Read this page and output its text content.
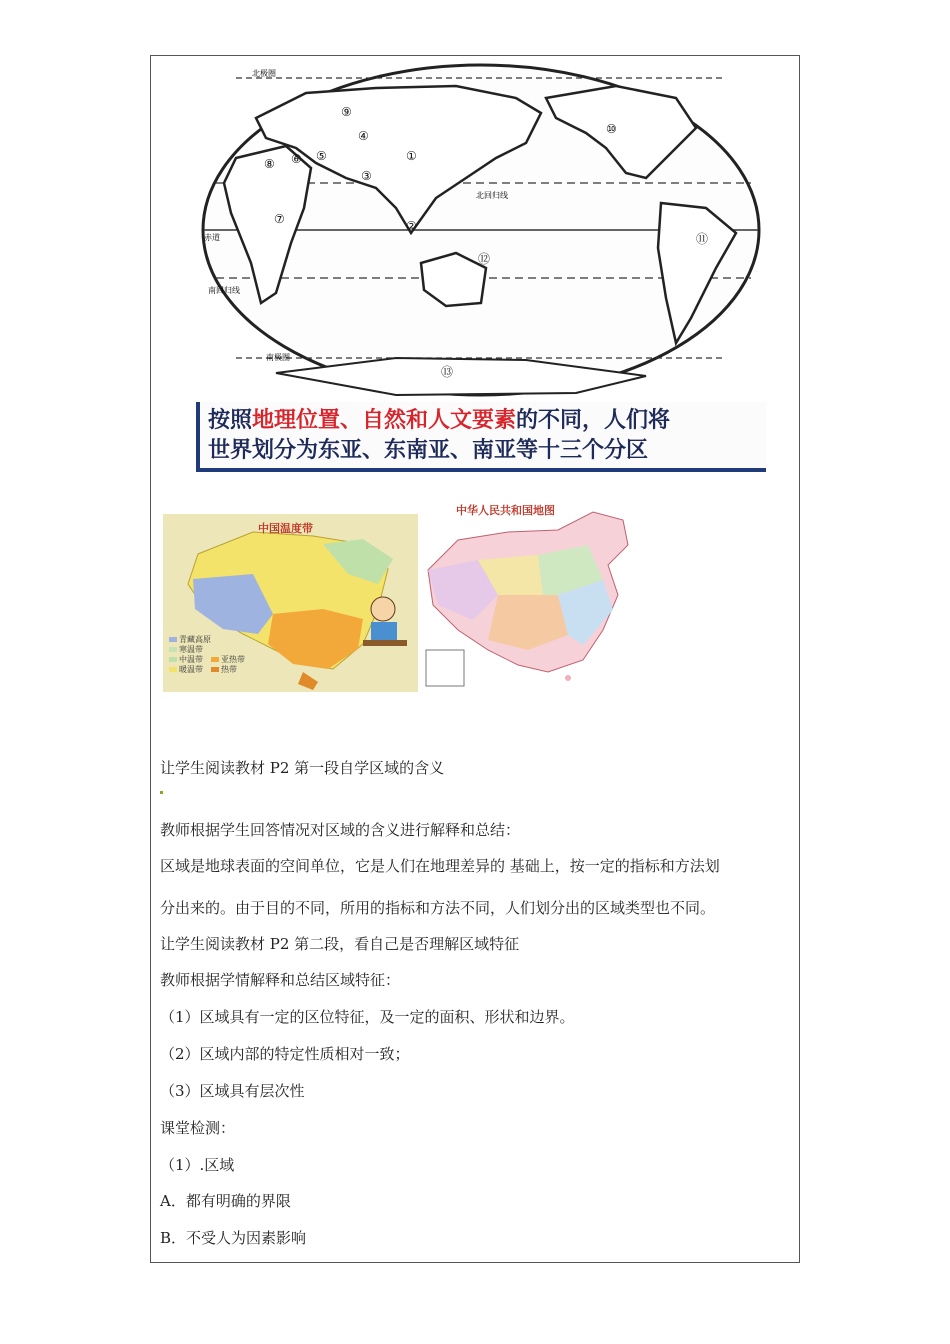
北极圈
北回归线
赤道
南回归线
南极圈
①
②
③
④
⑤
⑥
⑦
⑧
⑨
⑩
⑪
⑫
⑬
按照地理位置、自然和人文要素的不同，人们将
世界划分为东亚、东南亚、南亚等十三个分区
中国温度带
青藏高原
寒温带
中温带
暖温带
亚热带
热带
中华人民共和国地图
让学生阅读教材 P2 第一段自学区域的含义
教师根据学生回答情况对区域的含义进行解释和总结：
区域是地球表面的空间单位，它是人们在地理差异的 基础上，按一定的指标和方法划
分出来的。由于目的不同，所用的指标和方法不同，人们划分出的区域类型也不同。
让学生阅读教材 P2 第二段，看自己是否理解区域特征
教师根据学情解释和总结区域特征：
（1）区域具有一定的区位特征，及一定的面积、形状和边界。
（2）区域内部的特定性质相对一致；
（3）区域具有层次性
课堂检测：
（1）.区域
A．都有明确的界限
B．不受人为因素影响
